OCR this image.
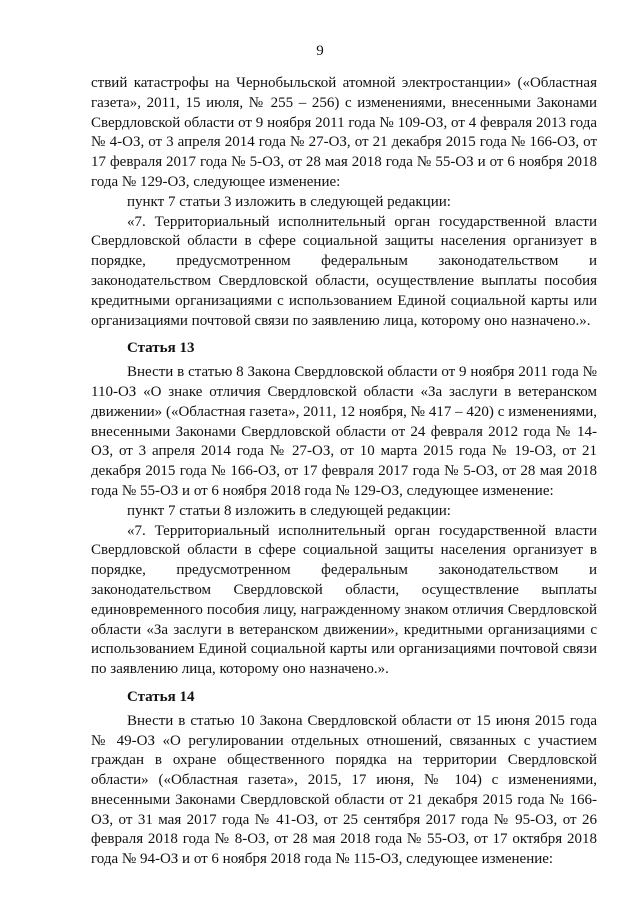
9

ствий катастрофы на Чернобыльской атомной электростанции» («Областная газета», 2011, 15 июля, № 255 – 256) с изменениями, внесенными Законами Свердловской области от 9 ноября 2011 года № 109-ОЗ, от 4 февраля 2013 года № 4-ОЗ, от 3 апреля 2014 года № 27-ОЗ, от 21 декабря 2015 года № 166-ОЗ, от 17 февраля 2017 года № 5-ОЗ, от 28 мая 2018 года № 55-ОЗ и от 6 ноября 2018 года № 129-ОЗ, следующее изменение:

пункт 7 статьи 3 изложить в следующей редакции:

«7. Территориальный исполнительный орган государственной власти Свердловской области в сфере социальной защиты населения организует в порядке, предусмотренном федеральным законодательством и законодательством Свердловской области, осуществление выплаты пособия кредитными организациями с использованием Единой социальной карты или организациями почтовой связи по заявлению лица, которому оно назначено.».

Статья 13

Внести в статью 8 Закона Свердловской области от 9 ноября 2011 года № 110-ОЗ «О знаке отличия Свердловской области «За заслуги в ветеранском движении» («Областная газета», 2011, 12 ноября, № 417 – 420) с изменениями, внесенными Законами Свердловской области от 24 февраля 2012 года № 14-ОЗ, от 3 апреля 2014 года № 27-ОЗ, от 10 марта 2015 года № 19-ОЗ, от 21 декабря 2015 года № 166-ОЗ, от 17 февраля 2017 года № 5-ОЗ, от 28 мая 2018 года № 55-ОЗ и от 6 ноября 2018 года № 129-ОЗ, следующее изменение:

пункт 7 статьи 8 изложить в следующей редакции:

«7. Территориальный исполнительный орган государственной власти Свердловской области в сфере социальной защиты населения организует в порядке, предусмотренном федеральным законодательством и законодательством Свердловской области, осуществление выплаты единовременного пособия лицу, награжденному знаком отличия Свердловской области «За заслуги в ветеранском движении», кредитными организациями с использованием Единой социальной карты или организациями почтовой связи по заявлению лица, которому оно назначено.».

Статья 14

Внести в статью 10 Закона Свердловской области от 15 июня 2015 года № 49-ОЗ «О регулировании отдельных отношений, связанных с участием граждан в охране общественного порядка на территории Свердловской области» («Областная газета», 2015, 17 июня, № 104) с изменениями, внесенными Законами Свердловской области от 21 декабря 2015 года № 166-ОЗ, от 31 мая 2017 года № 41-ОЗ, от 25 сентября 2017 года № 95-ОЗ, от 26 февраля 2018 года № 8-ОЗ, от 28 мая 2018 года № 55-ОЗ, от 17 октября 2018 года № 94-ОЗ и от 6 ноября 2018 года № 115-ОЗ, следующее изменение:
